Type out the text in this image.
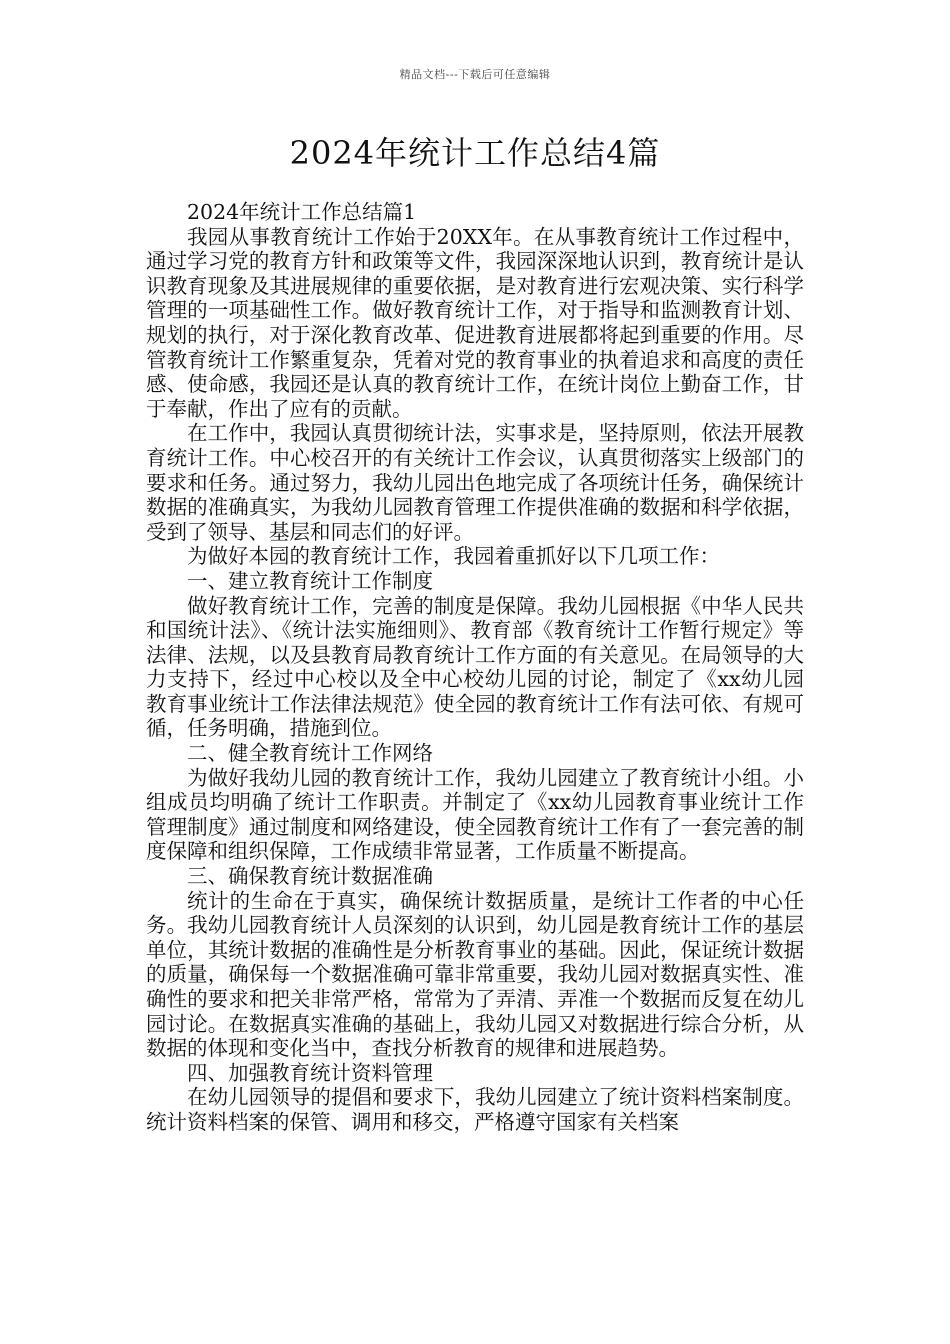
精品文档---下载后可任意编辑
2024年统计工作总结4篇

2024年统计工作总结篇1

我园从事教育统计工作始于20XX年。在从事教育统计工作过程中，通过学习党的教育方针和政策等文件，我园深深地认识到，教育统计是认识教育现象及其进展规律的重要依据，是对教育进行宏观决策、实行科学管理的一项基础性工作。做好教育统计工作，对于指导和监测教育计划、规划的执行，对于深化教育改革、促进教育进展都将起到重要的作用。尽管教育统计工作繁重复杂，凭着对党的教育事业的执着追求和高度的责任感、使命感，我园还是认真的教育统计工作，在统计岗位上勤奋工作，甘于奉献，作出了应有的贡献。

在工作中，我园认真贯彻统计法，实事求是，坚持原则，依法开展教育统计工作。中心校召开的有关统计工作会议，认真贯彻落实上级部门的要求和任务。通过努力，我幼儿园出色地完成了各项统计任务，确保统计数据的准确真实，为我幼儿园教育管理工作提供准确的数据和科学依据，受到了领导、基层和同志们的好评。

为做好本园的教育统计工作，我园着重抓好以下几项工作：

一、建立教育统计工作制度

做好教育统计工作，完善的制度是保障。我幼儿园根据《中华人民共和国统计法》、《统计法实施细则》、教育部《教育统计工作暂行规定》等法律、法规，以及县教育局教育统计工作方面的有关意见。在局领导的大力支持下，经过中心校以及全中心校幼儿园的讨论，制定了《xx幼儿园教育事业统计工作法律法规范》使全园的教育统计工作有法可依、有规可循，任务明确，措施到位。

二、健全教育统计工作网络

为做好我幼儿园的教育统计工作，我幼儿园建立了教育统计小组。小组成员均明确了统计工作职责。并制定了《xx幼儿园教育事业统计工作管理制度》通过制度和网络建设，使全园教育统计工作有了一套完善的制度保障和组织保障，工作成绩非常显著，工作质量不断提高。

三、确保教育统计数据准确

统计的生命在于真实，确保统计数据质量，是统计工作者的中心任务。我幼儿园教育统计人员深刻的认识到，幼儿园是教育统计工作的基层单位，其统计数据的准确性是分析教育事业的基础。因此，保证统计数据的质量，确保每一个数据准确可靠非常重要，我幼儿园对数据真实性、准确性的要求和把关非常严格，常常为了弄清、弄准一个数据而反复在幼儿园讨论。在数据真实准确的基础上，我幼儿园又对数据进行综合分析，从数据的体现和变化当中，查找分析教育的规律和进展趋势。

四、加强教育统计资料管理

在幼儿园领导的提倡和要求下，我幼儿园建立了统计资料档案制度。统计资料档案的保管、调用和移交，严格遵守国家有关档案
